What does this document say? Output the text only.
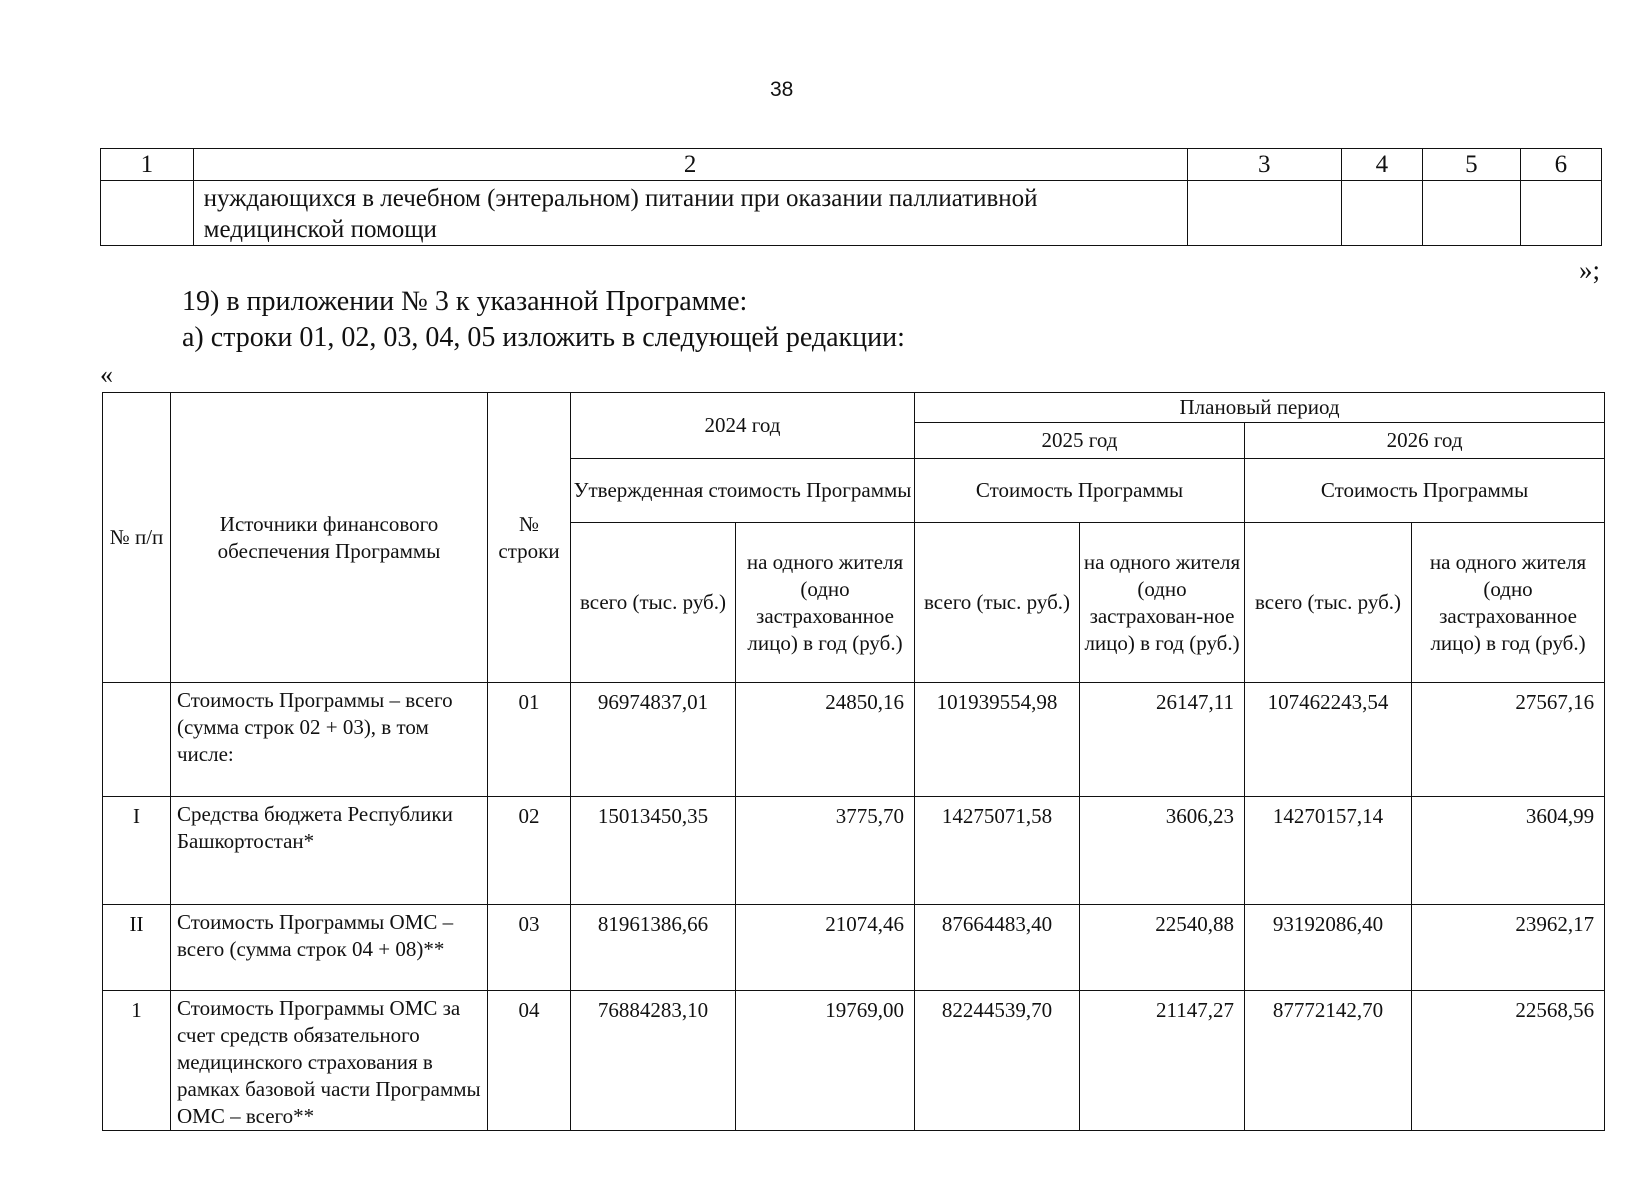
38
1	2	3	4	5	6

	нуждающихся в лечебном (энтеральном) питании при оказании паллиативной медицинской помощи				

»;
19) в приложении № 3 к указанной Программе:
а) строки 01, 02, 03, 04, 05 изложить в следующей редакции:
«
№ п/п	Источники финансового обеспечения Программы	№ строки	2024 год		Плановый период			
					2025 год		2026 год	
			Утвержденная стоимость Программы		Стоимость Программы		Стоимость Программы	
			всего (тыс. руб.)	на одного жителя (одно застрахованное лицо) в год (руб.)	всего (тыс. руб.)	на одного жителя (одно застрахован-ное лицо) в год (руб.)	всего (тыс. руб.)	на одного жителя (одно застрахованное лицо) в год (руб.)
	Стоимость Программы – всего (сумма строк 02 + 03), в том числе:	01	96974837,01	24850,16	101939554,98	26147,11	107462243,54	27567,16
I	Средства бюджета Республики Башкортостан*	02	15013450,35	3775,70	14275071,58	3606,23	14270157,14	3604,99
II	Стоимость Программы ОМС – всего (сумма строк 04 + 08)**	03	81961386,66	21074,46	87664483,40	22540,88	93192086,40	23962,17
1	Стоимость Программы ОМС за счет средств обязательного медицинского страхования в рамках базовой части Программы ОМС – всего**	04	76884283,10	19769,00	82244539,70	21147,27	87772142,70	22568,56
